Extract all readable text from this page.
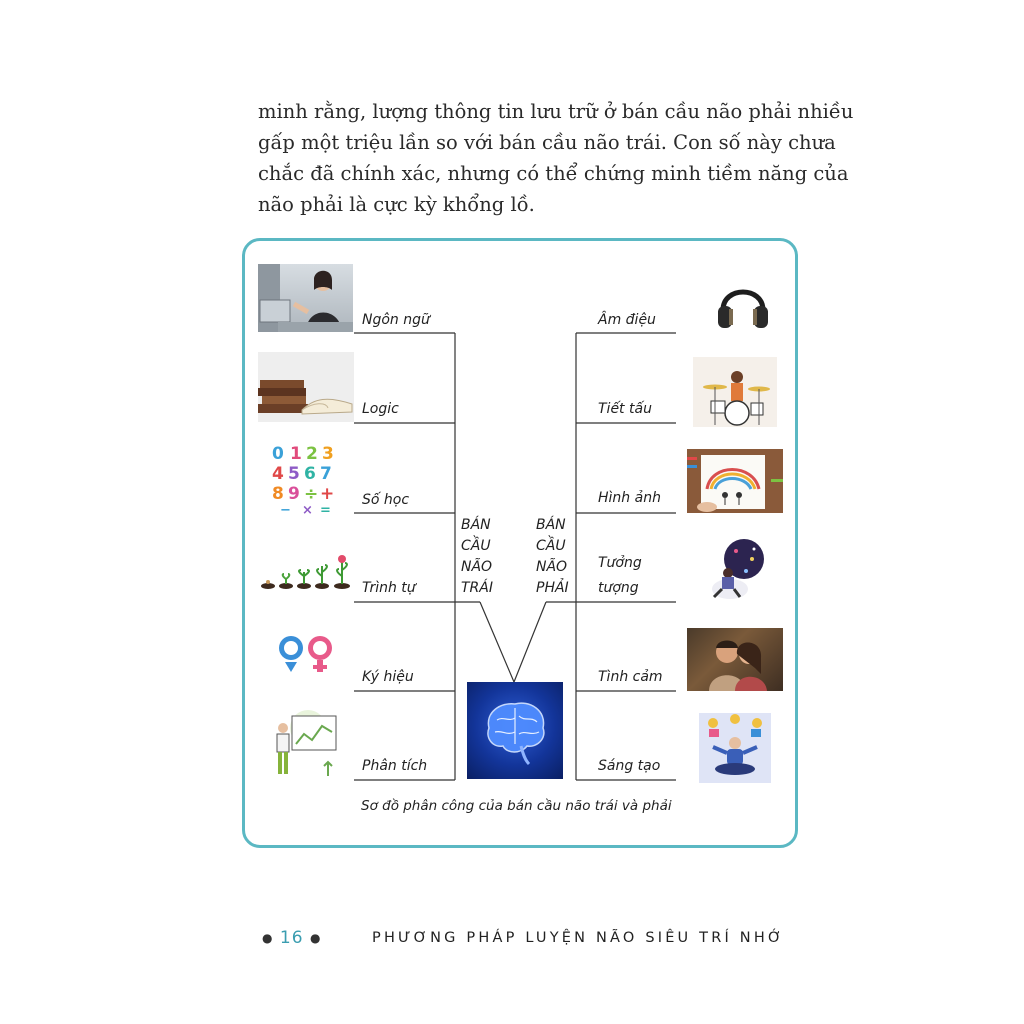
minh rằng, lượng thông tin lưu trữ ở bán cầu não phải nhiều

gấp một triệu lần so với bán cầu não trái. Con số này chưa

chắc đã chính xác, nhưng có thể chứng minh tiềm năng của

não phải là cực kỳ khổng lồ.

Ngôn ngữ
Logic
Số học
Trình tự
Ký hiệu
Phân tích
Âm điệu
Tiết tấu
Hình ảnh
Tưởng
tượng
Tình cảm
Sáng tạo
BÁN
CẦU
NÃO
TRÁI
BÁN
CẦU
NÃO
PHẢI
0 1 2 3
4 5 6 7
8 9 ÷ +
− × =
Sơ đồ phân công của bán cầu não trái và phải
● 16 ●	PHƯƠNG PHÁP LUYỆN NÃO SIÊU TRÍ NHỚ
